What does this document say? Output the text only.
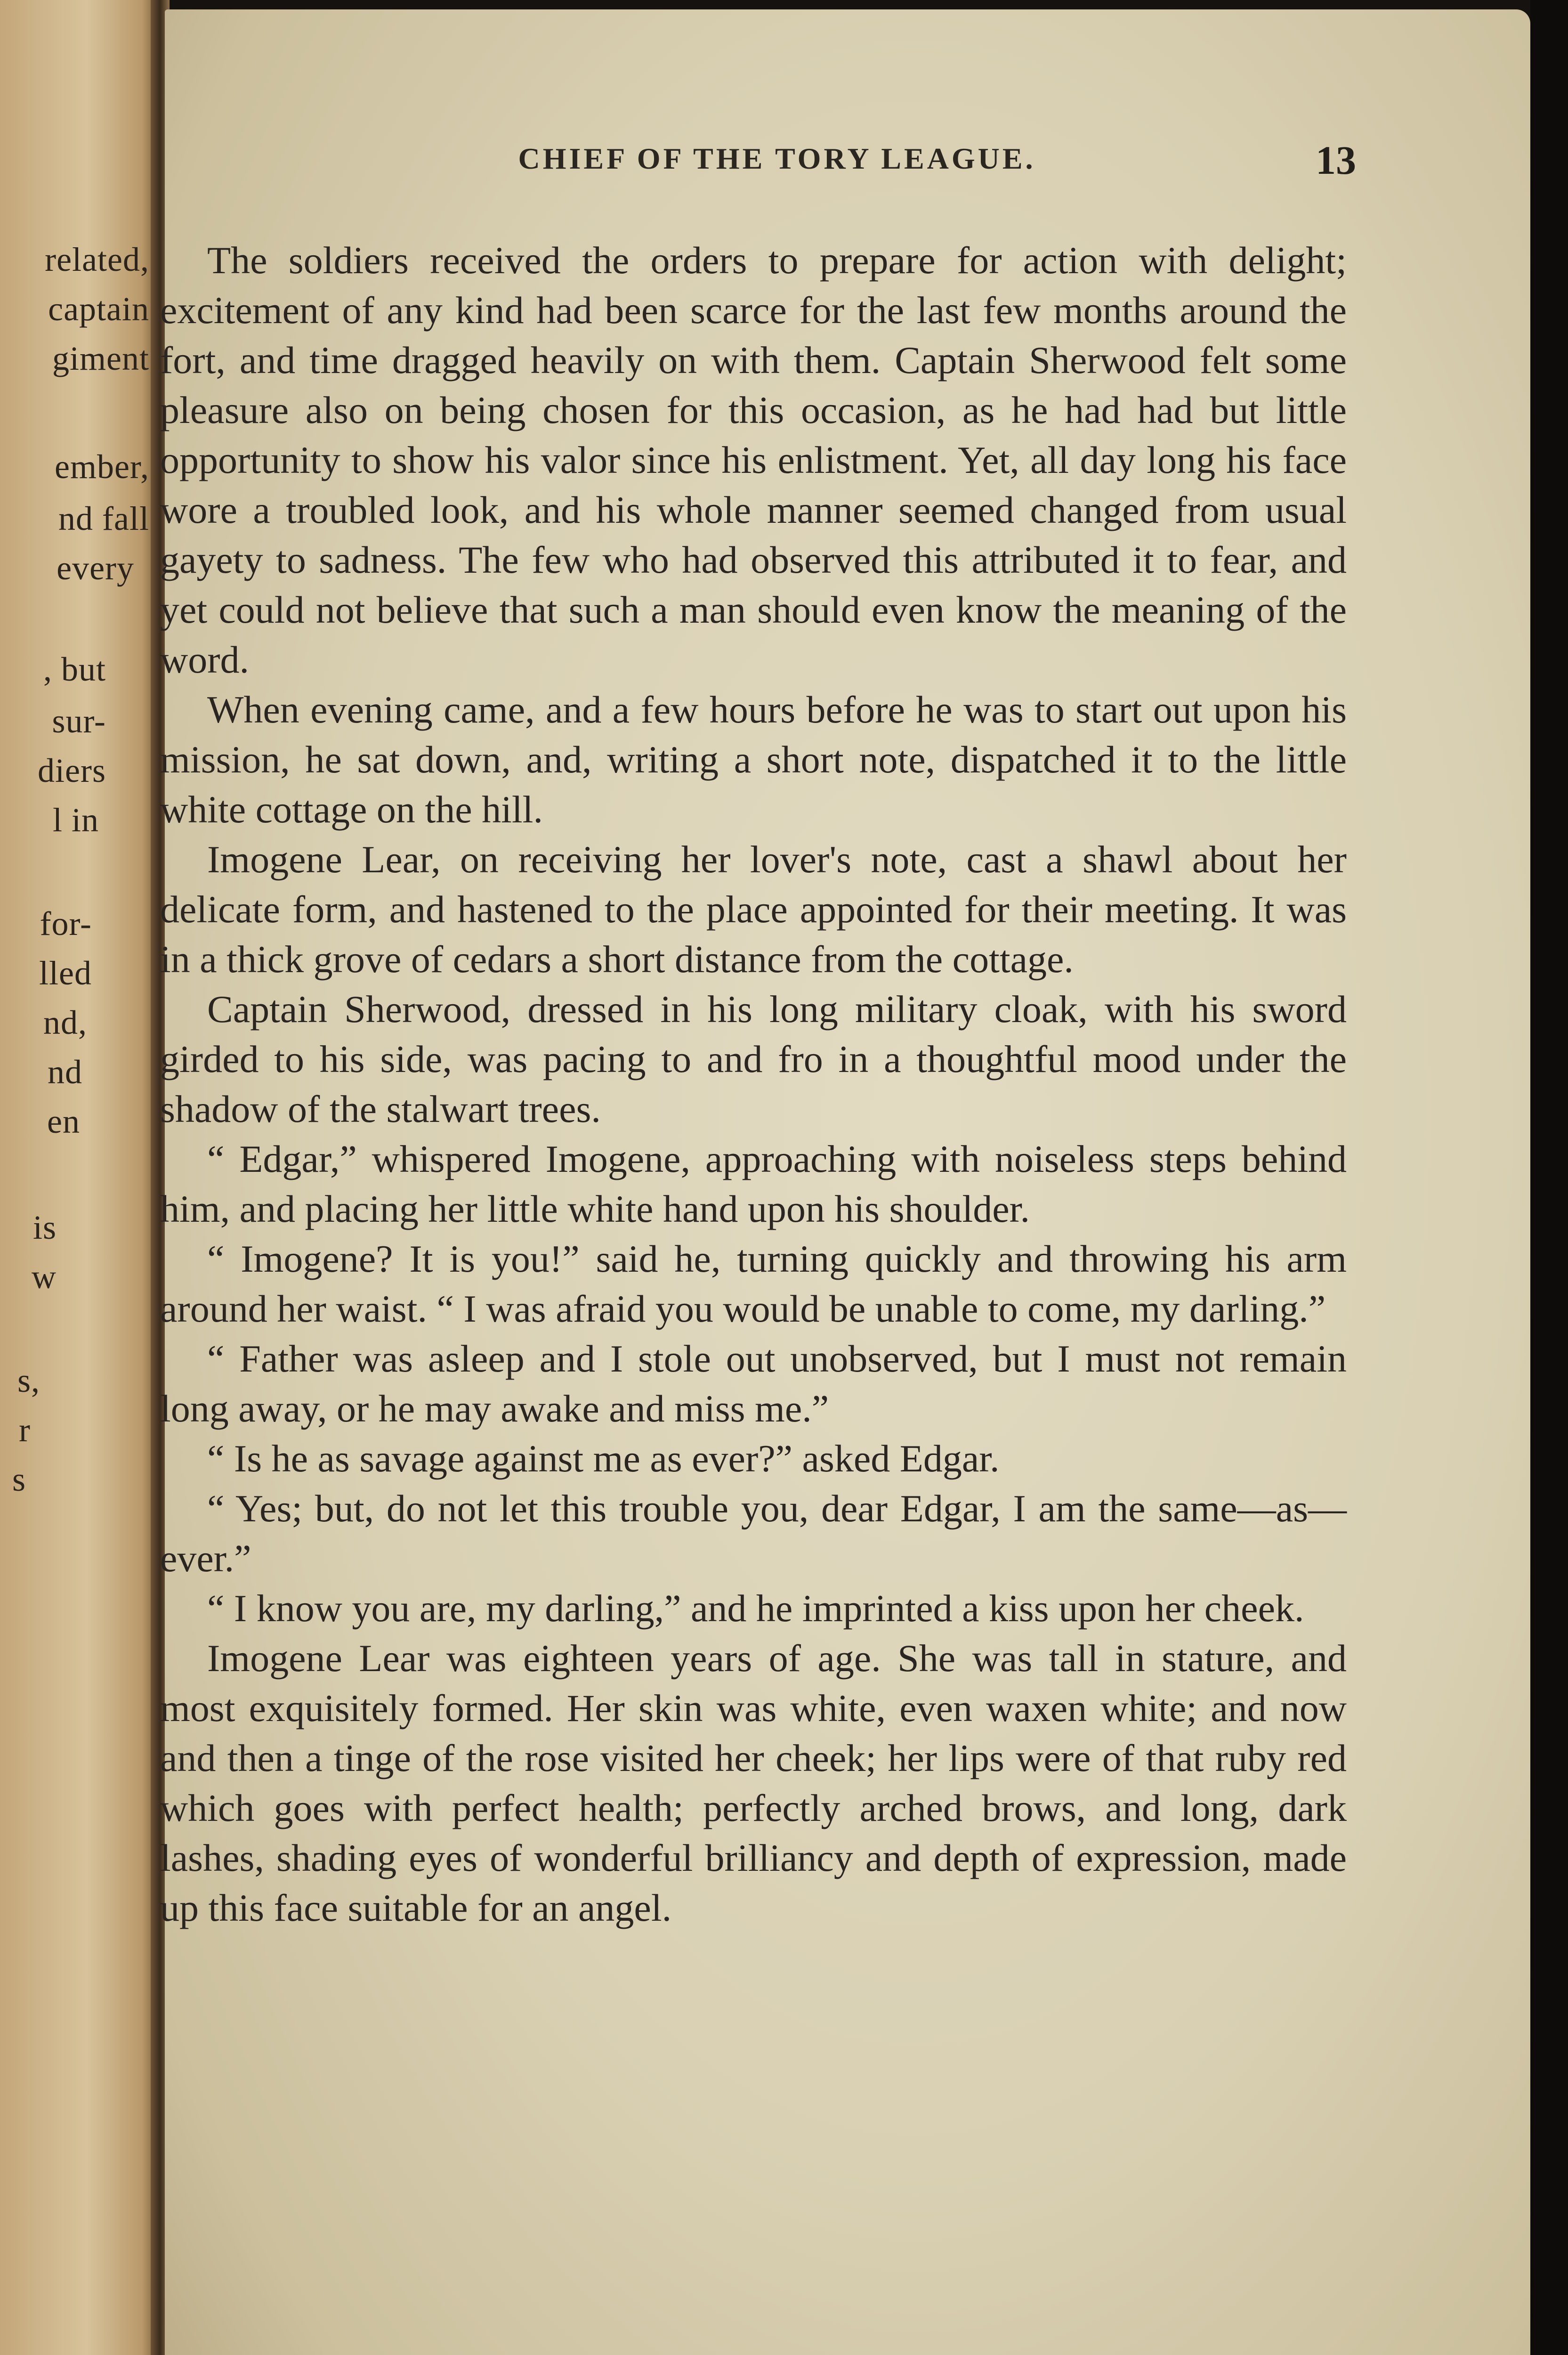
related,
captain
giment
ember,
nd fall
every
, but
sur-
diers
l in
for-
lled
nd,
nd
en
is
w
s,
r
s
CHIEF OF THE TORY LEAGUE.	13

The soldiers received the orders to prepare for action with delight; excitement of any kind had been scarce for the last few months around the fort, and time dragged heavily on with them. Captain Sherwood felt some pleasure also on being chosen for this occasion, as he had had but little opportunity to show his valor since his enlistment. Yet, all day long his face wore a troubled look, and his whole manner seemed changed from usual gayety to sadness. The few who had observed this attributed it to fear, and yet could not believe that such a man should even know the meaning of the word.

When evening came, and a few hours before he was to start out upon his mission, he sat down, and, writing a short note, dispatched it to the little white cottage on the hill.

Imogene Lear, on receiving her lover's note, cast a shawl about her delicate form, and hastened to the place appointed for their meeting. It was in a thick grove of cedars a short distance from the cottage.

Captain Sherwood, dressed in his long military cloak, with his sword girded to his side, was pacing to and fro in a thoughtful mood under the shadow of the stalwart trees.

“ Edgar,” whispered Imogene, approaching with noiseless steps behind him, and placing her little white hand upon his shoulder.

“ Imogene? It is you!” said he, turning quickly and throwing his arm around her waist. “ I was afraid you would be unable to come, my darling.”

“ Father was asleep and I stole out unobserved, but I must not remain long away, or he may awake and miss me.”

“ Is he as savage against me as ever?” asked Edgar.

“ Yes; but, do not let this trouble you, dear Edgar, I am the same—as—ever.”

“ I know you are, my darling,” and he imprinted a kiss upon her cheek.

Imogene Lear was eighteen years of age. She was tall in stature, and most exquisitely formed. Her skin was white, even waxen white; and now and then a tinge of the rose visited her cheek; her lips were of that ruby red which goes with perfect health; perfectly arched brows, and long, dark lashes, shading eyes of wonderful brilliancy and depth of expression, made up this face suitable for an angel.
